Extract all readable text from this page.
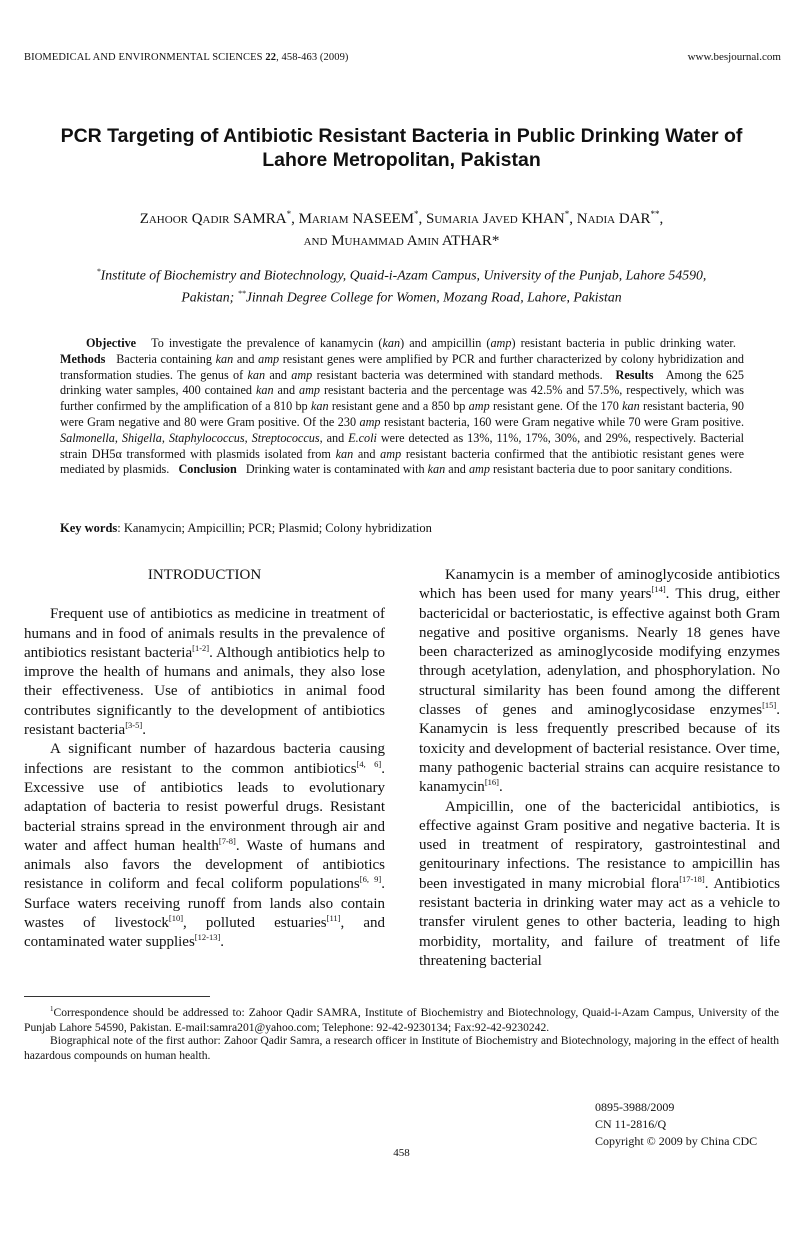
BIOMEDICAL AND ENVIRONMENTAL SCIENCES 22, 458-463 (2009)	www.besjournal.com
PCR Targeting of Antibiotic Resistant Bacteria in Public Drinking Water of
Lahore Metropolitan, Pakistan
Zahoor Qadir SAMRA*, Mariam NASEEM*, Sumaria Javed KHAN*, Nadia DAR**,
and Muhammad Amin ATHAR*
*Institute of Biochemistry and Biotechnology, Quaid-i-Azam Campus, University of the Punjab, Lahore 54590,
Pakistan; **Jinnah Degree College for Women, Mozang Road, Lahore, Pakistan
Objective To investigate the prevalence of kanamycin (kan) and ampicillin (amp) resistant bacteria in public drinking water.   Methods Bacteria containing kan and amp resistant genes were amplified by PCR and further characterized by colony hybridization and transformation studies. The genus of kan and amp resistant bacteria was determined with standard methods. Results Among the 625 drinking water samples, 400 contained kan and amp resistant bacteria and the percentage was 42.5% and 57.5%, respectively, which was further confirmed by the amplification of a 810 bp kan resistant gene and a 850 bp amp resistant gene. Of the 170 kan resistant bacteria, 90 were Gram negative and 80 were Gram positive. Of the 230 amp resistant bacteria, 160 were Gram negative while 70 were Gram positive. Salmonella, Shigella, Staphylococcus, Streptococcus, and E.coli were detected as 13%, 11%, 17%, 30%, and 29%, respectively. Bacterial strain DH5α transformed with plasmids isolated from kan and amp resistant bacteria confirmed that the antibiotic resistant genes were mediated by plasmids. Conclusion Drinking water is contaminated with kan and amp resistant bacteria due to poor sanitary conditions.
Key words: Kanamycin; Ampicillin; PCR; Plasmid; Colony hybridization

INTRODUCTION

Frequent use of antibiotics as medicine in treatment of humans and in food of animals results in the prevalence of antibiotics resistant bacteria[1-2]. Although antibiotics help to improve the health of humans and animals, they also lose their effectiveness. Use of antibiotics in animal food contributes significantly to the development of antibiotics resistant bacteria[3-5].

A significant number of hazardous bacteria causing infections are resistant to the common antibiotics[4, 6]. Excessive use of antibiotics leads to evolutionary adaptation of bacteria to resist powerful drugs. Resistant bacterial strains spread in the environment through air and water and affect human health[7-8]. Waste of humans and animals also favors the development of antibiotics resistance in coliform and fecal coliform populations[6, 9]. Surface waters receiving runoff from lands also contain wastes of livestock[10], polluted estuaries[11], and contaminated water supplies[12-13].

Kanamycin is a member of aminoglycoside antibiotics which has been used for many years[14]. This drug, either bactericidal or bacteriostatic, is effective against both Gram negative and positive organisms. Nearly 18 genes have been characterized as aminoglycoside modifying enzymes through acetylation, adenylation, and phosphorylation. No structural similarity has been found among the different classes of genes and aminoglycosidase enzymes[15]. Kanamycin is less frequently prescribed because of its toxicity and development of bacterial resistance. Over time, many pathogenic bacterial strains can acquire resistance to kanamycin[16].

Ampicillin, one of the bactericidal antibiotics, is effective against Gram positive and negative bacteria. It is used in treatment of respiratory, gastrointestinal and genitourinary infections. The resistance to ampicillin has been investigated in many microbial flora[17-18]. Antibiotics resistant bacteria in drinking water may act as a vehicle to transfer virulent genes to other bacteria, leading to high morbidity, mortality, and failure of treatment of life threatening bacterial

$^1$Correspondence should be addressed to: Zahoor Qadir SAMRA, Institute of Biochemistry and Biotechnology, Quaid-i-Azam Campus, University of the Punjab Lahore 54590, Pakistan. E-mail:samra201@yahoo.com; Telephone: 92-42-9230134; Fax:92-42-9230242.
Biographical note of the first author: Zahoor Qadir Samra, a research officer in Institute of Biochemistry and Biotechnology, majoring in the effect of health hazardous compounds on human health.
0895-3988/2009
CN 11-2816/Q
Copyright © 2009 by China CDC
458
